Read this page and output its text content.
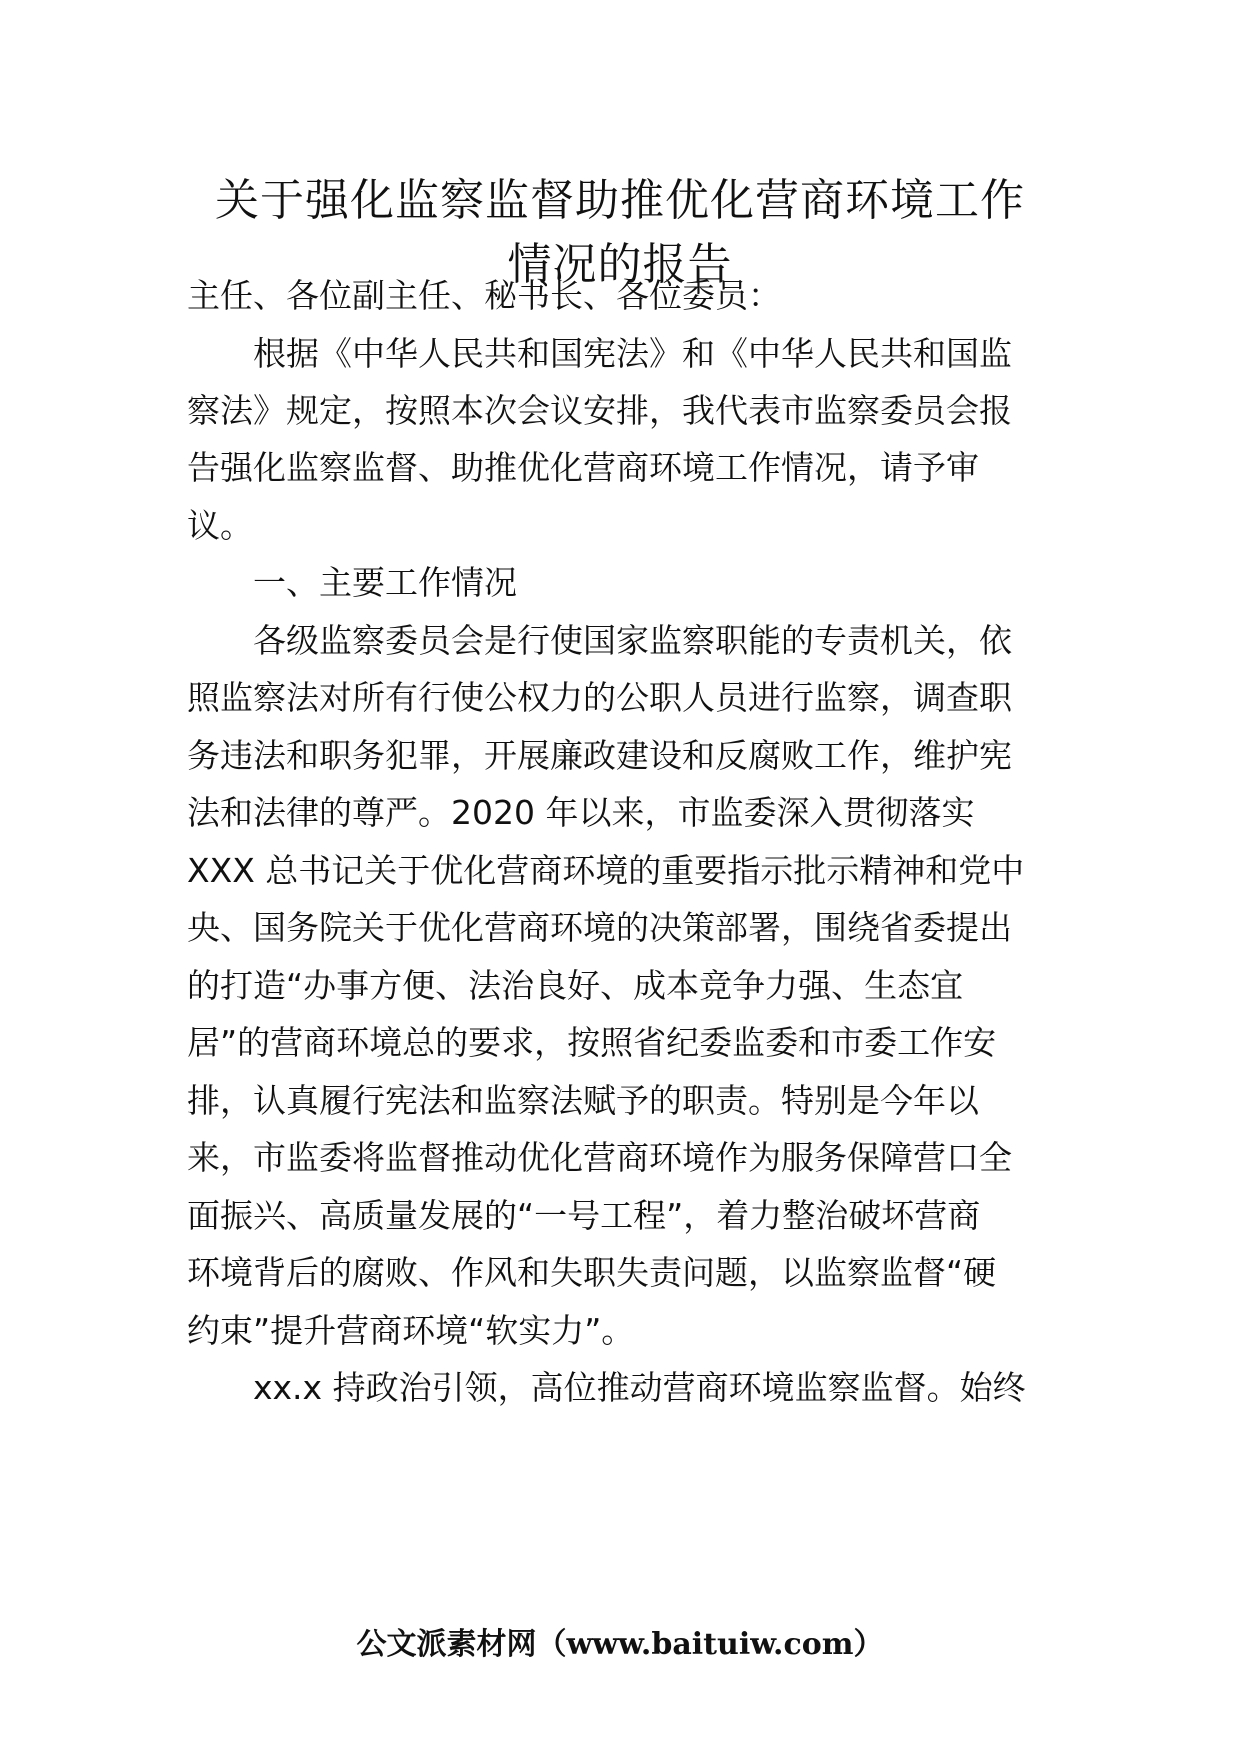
关于强化监察监督助推优化营商环境工作
情况的报告

主任、各位副主任、秘书长、各位委员：

　　根据《中华人民共和国宪法》和《中华人民共和国监

察法》规定，按照本次会议安排，我代表市监察委员会报

告强化监察监督、助推优化营商环境工作情况，请予审

议。

　　一、主要工作情况

　　各级监察委员会是行使国家监察职能的专责机关，依

照监察法对所有行使公权力的公职人员进行监察，调查职

务违法和职务犯罪，开展廉政建设和反腐败工作，维护宪

法和法律的尊严。2020 年以来，市监委深入贯彻落实

XXX 总书记关于优化营商环境的重要指示批示精神和党中

央、国务院关于优化营商环境的决策部署，围绕省委提出

的打造“办事方便、法治良好、成本竞争力强、生态宜

居”的营商环境总的要求，按照省纪委监委和市委工作安

排，认真履行宪法和监察法赋予的职责。特别是今年以

来，市监委将监督推动优化营商环境作为服务保障营口全

面振兴、高质量发展的“一号工程”，着力整治破坏营商

环境背后的腐败、作风和失职失责问题，以监察监督“硬

约束”提升营商环境“软实力”。

　　xx.x 持政治引领，高位推动营商环境监察监督。始终

公文派素材网（www.baituiw.com）
